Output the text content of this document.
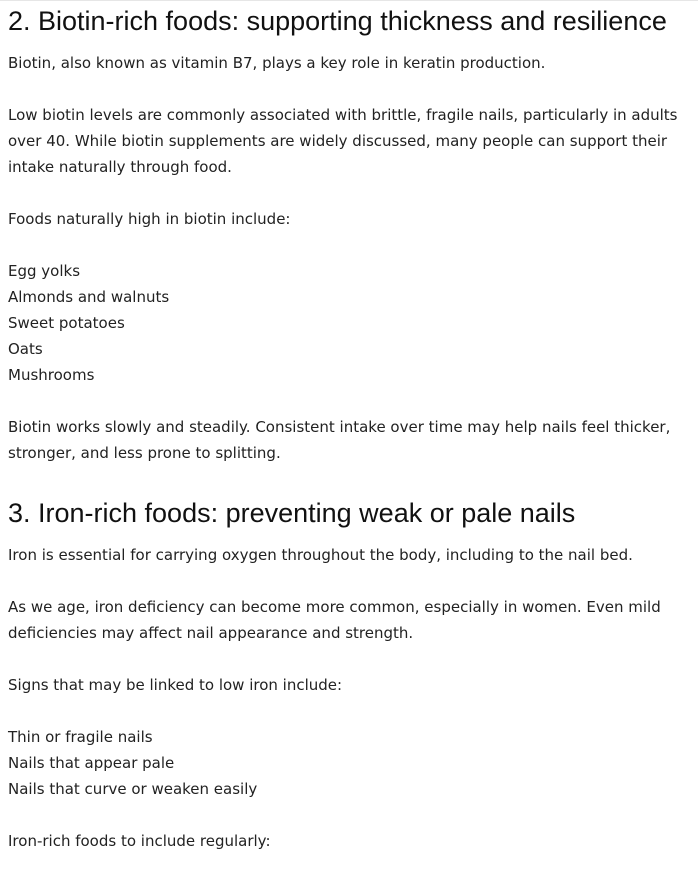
2. Biotin-rich foods: supporting thickness and resilience

Biotin, also known as vitamin B7, plays a key role in keratin production.

Low biotin levels are commonly associated with brittle, fragile nails, particularly in adults
over 40. While biotin supplements are widely discussed, many people can support their
intake naturally through food.

Foods naturally high in biotin include:

Egg yolks
Almonds and walnuts
Sweet potatoes
Oats
Mushrooms

Biotin works slowly and steadily. Consistent intake over time may help nails feel thicker,
stronger, and less prone to splitting.

3. Iron-rich foods: preventing weak or pale nails

Iron is essential for carrying oxygen throughout the body, including to the nail bed.

As we age, iron deficiency can become more common, especially in women. Even mild
deficiencies may affect nail appearance and strength.

Signs that may be linked to low iron include:

Thin or fragile nails
Nails that appear pale
Nails that curve or weaken easily

Iron-rich foods to include regularly:
